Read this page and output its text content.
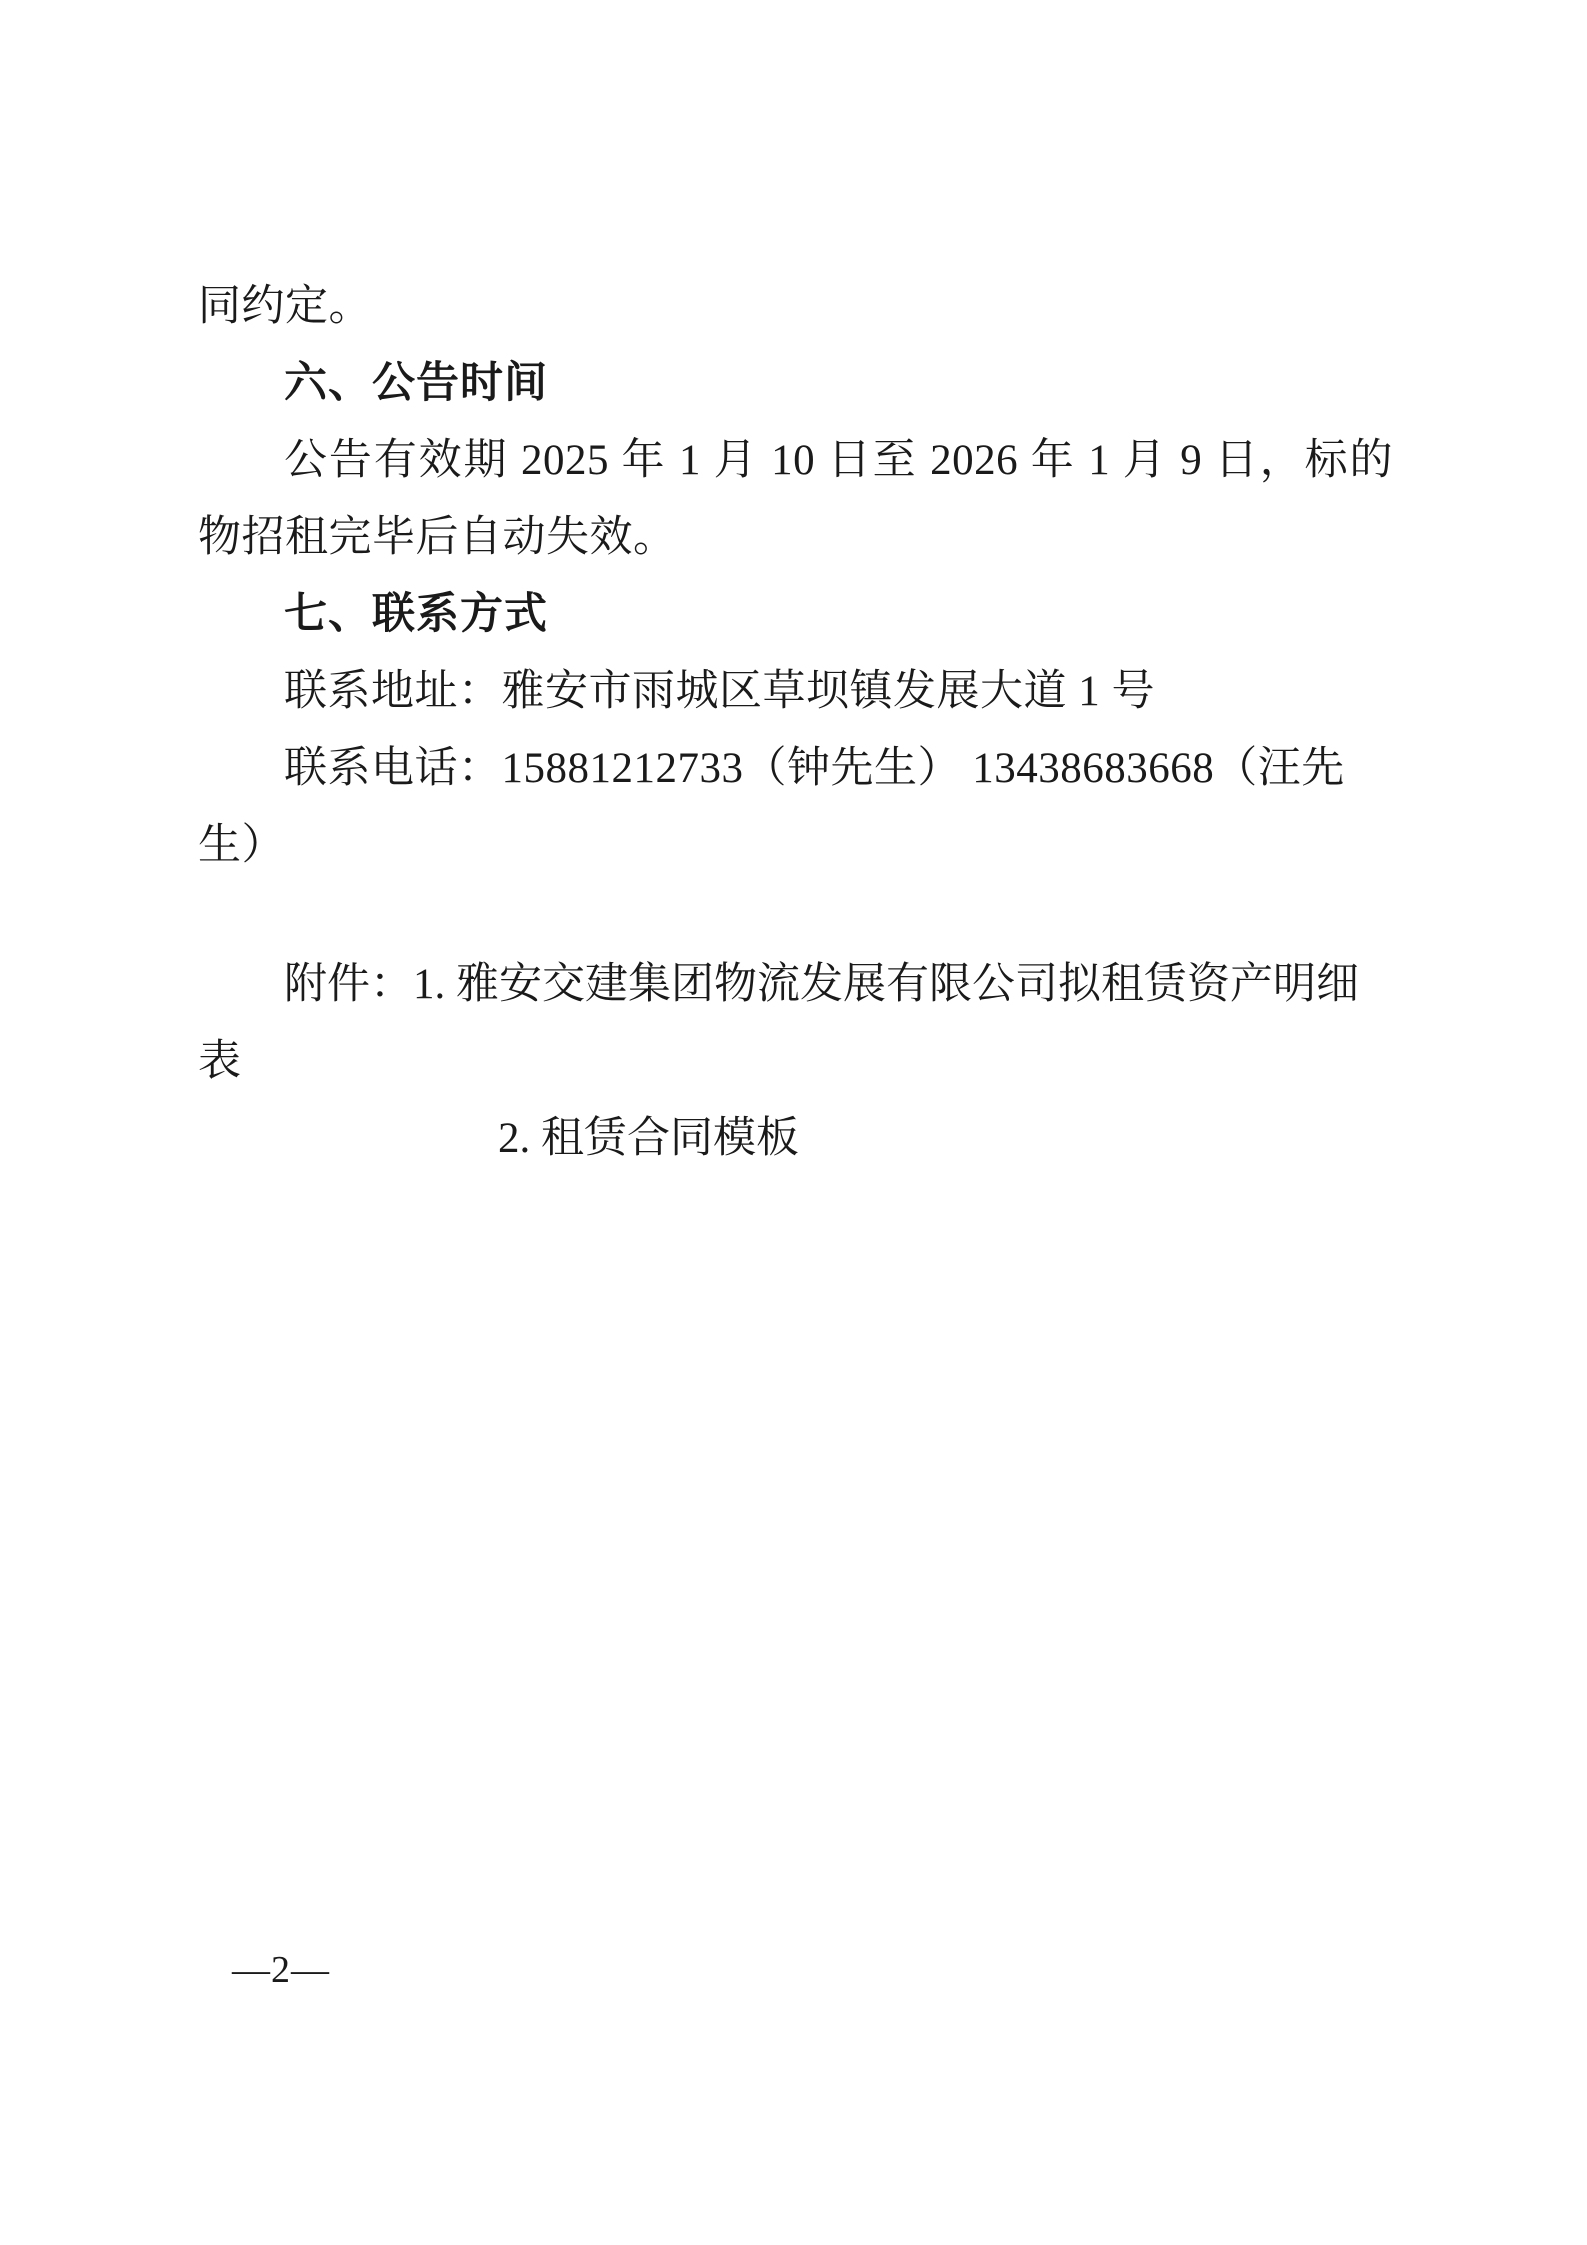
同约定。

六、公告时间

公告有效期 2025 年 1 月 10 日至 2026 年 1 月 9 日，标的物招租完毕后自动失效。

七、联系方式

联系地址：雅安市雨城区草坝镇发展大道 1 号

联系电话：15881212733（钟先生） 13438683668（汪先生）

附件：1. 雅安交建集团物流发展有限公司拟租赁资产明细表

2. 租赁合同模板

—2—
